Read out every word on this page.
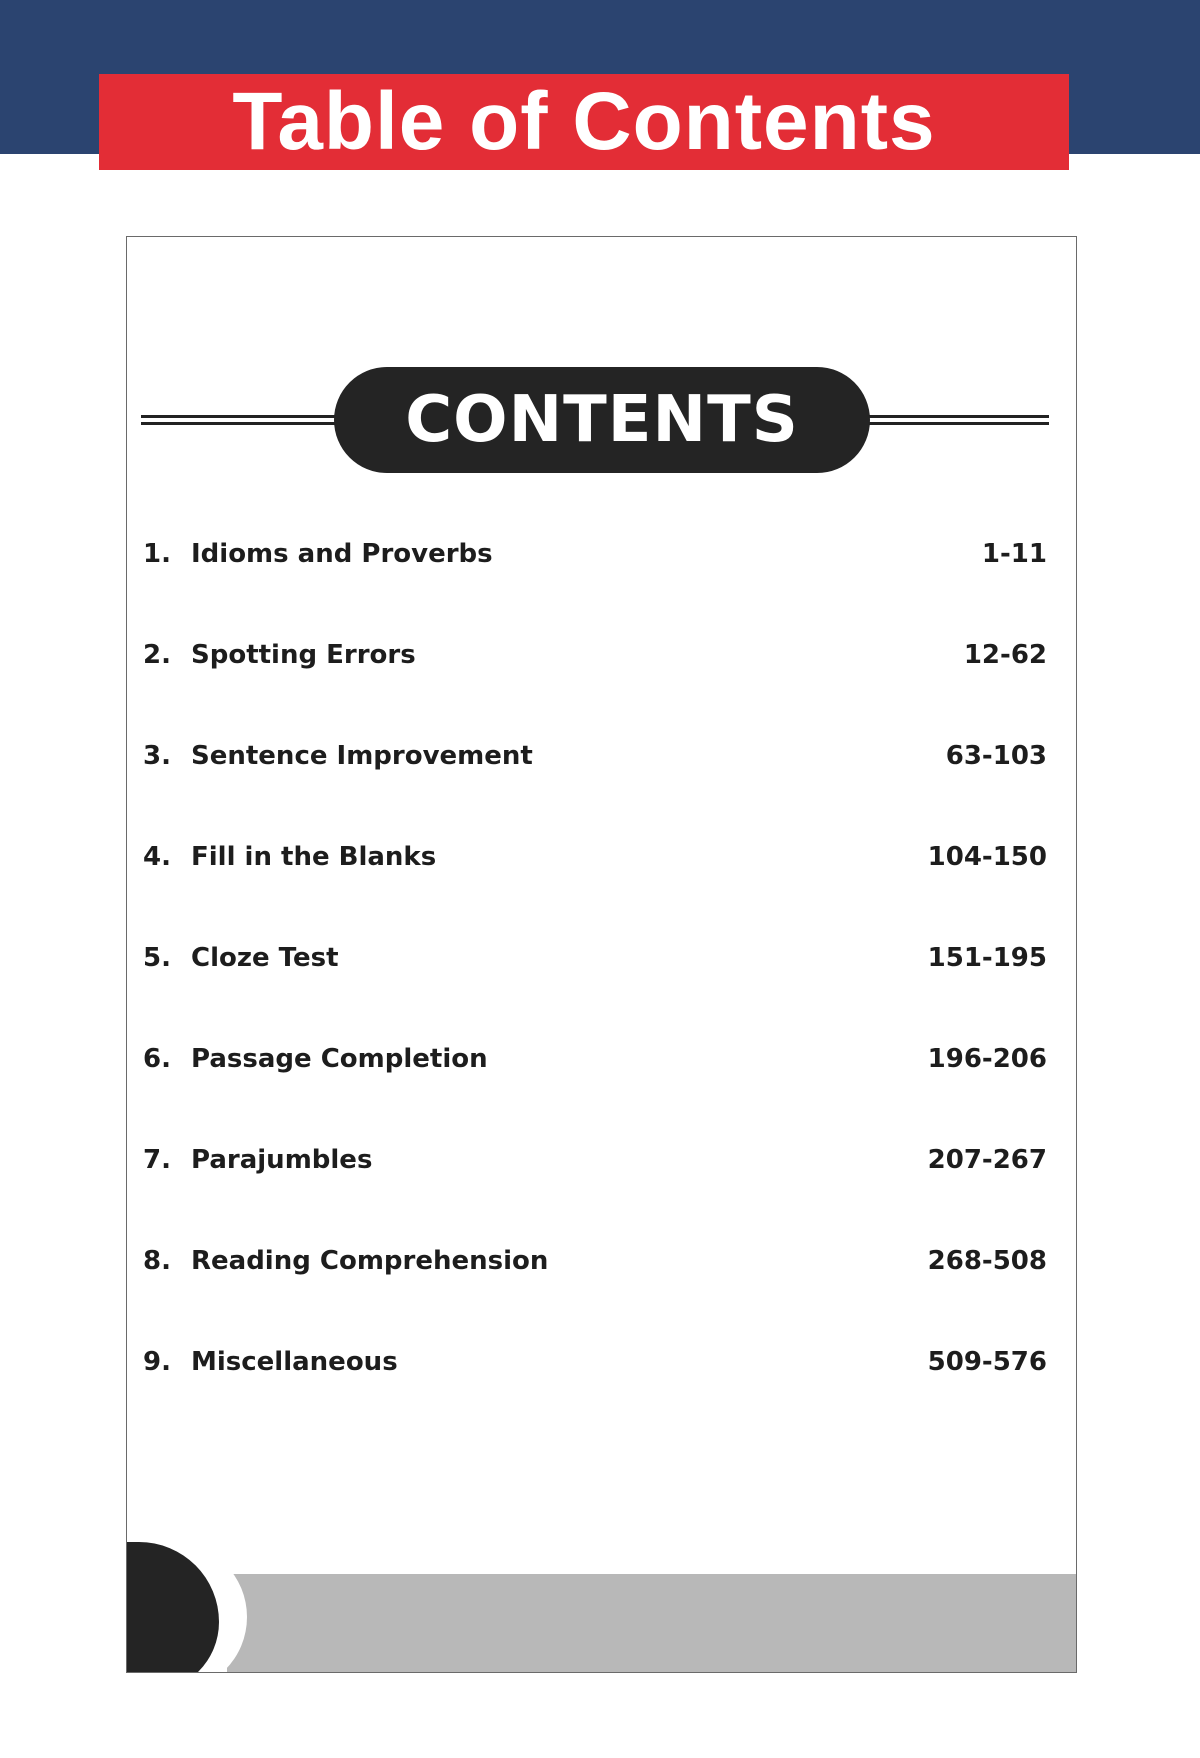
Table of Contents
CONTENTS
1. Idioms and Proverbs	1-11
2. Spotting Errors	12-62
3. Sentence Improvement	63-103
4. Fill in the Blanks	104-150
5. Cloze Test	151-195
6. Passage Completion	196-206
7. Parajumbles	207-267
8. Reading Comprehension	268-508
9. Miscellaneous	509-576
